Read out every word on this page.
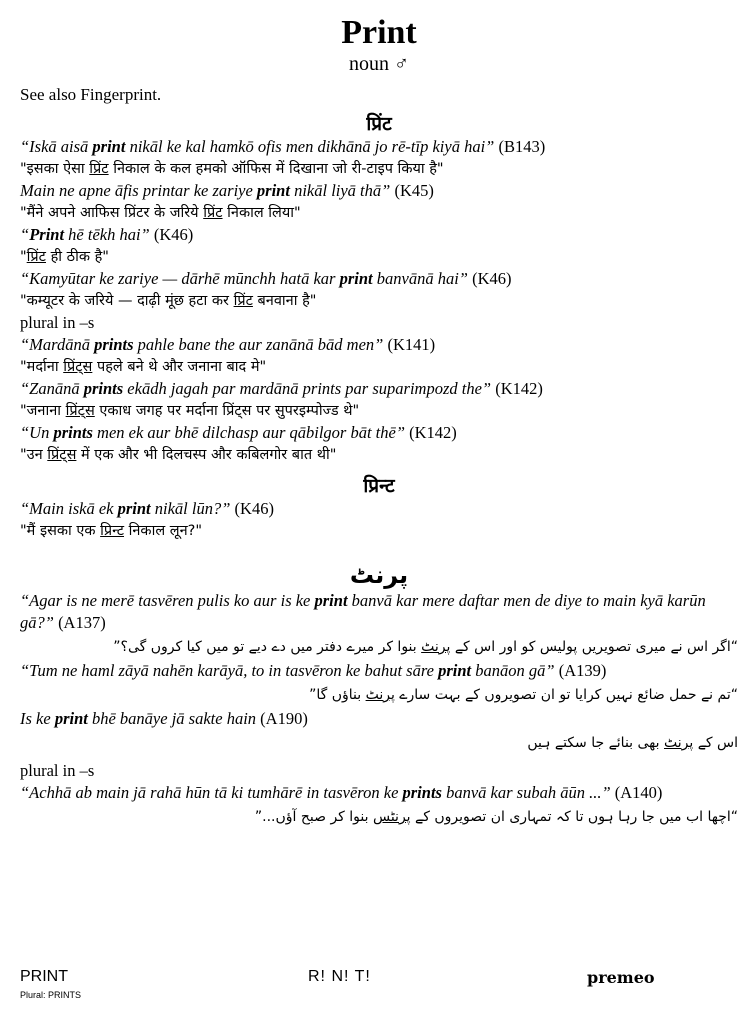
Print
noun ♂
See also Fingerprint.
प्रिंट
“Iskā aisā print nikāl ke kal hamkō ofis men dikhānā jo rē-tīp kiyā hai” (B143)
"इसका ऐसा प्रिंट निकाल के कल हमको ऑफिस में दिखाना जो री-टाइप किया है"
Main ne apne āfis printar ke zariye print nikāl liyā thā” (K45)
"मैंने अपने आफिस प्रिंटर के जरिये प्रिंट निकाल लिया"
“Print hē tēkh hai” (K46)
"प्रिंट ही ठीक है"
“Kamyūtar ke zariye — dārhē mūnchh hatā kar print banvānā hai” (K46)
"कम्यूटर के जरिये — दाढ़ी मूंछ हटा कर प्रिंट बनवाना है"
plural in –s
“Mardānā prints pahle bane the aur zanānā bād men” (K141)
"मर्दाना प्रिंट्स पहले बने थे और जनाना बाद मे"
“Zanānā prints ekādh jagah par mardānā prints par suparimpozd the” (K142)
"जनाना प्रिंट्स एकाध जगह पर मर्दाना प्रिंट्स पर सुपरइम्पोज्ड थे"
“Un prints men ek aur bhē dilchasp aur qābilgor bāt thē” (K142)
"उन प्रिंट्स में एक और भी दिलचस्प और कबिलगोर बात थी"
प्रिन्ट
“Main iskā ek print nikāl lūn?” (K46)
"मैं इसका एक प्रिन्ट निकाल लून?"
پرنٹ
“Agar is ne merē tasvēren pulis ko aur is ke print banvā kar mere daftar men de diye to main kyā karūn gā?” (A137)
“اگر اس نے میری تصویریں پولیس کو اور اس کے پرنٹ بنوا کر میرے دفتر میں دے دیے تو میں کیا کروں گی؟”
“Tum ne haml zāyā nahēn karāyā, to in tasvēron ke bahut sāre print banāon gā” (A139)
“تم نے حمل ضائع نہیں کرایا تو ان تصویروں کے بہت سارے پرنٹ بناؤں گا”
Is ke print bhē banāye jā sakte hain (A190)
اس کے پرنٹ بھی بنائے جا سکتے ہیں
plural in –s
“Achhā ab main jā rahā hūn tā ki tumhārē in tasvēron ke prints banvā kar subah āūn ...” (A140)
“اچھا اب میں جا رہا ہوں تا کہ تمہاری ان تصویروں کے پرنٹس بنوا کر صبح آؤں...”
PRINT
Plural: PRINTS
R! N! T!	premeo
